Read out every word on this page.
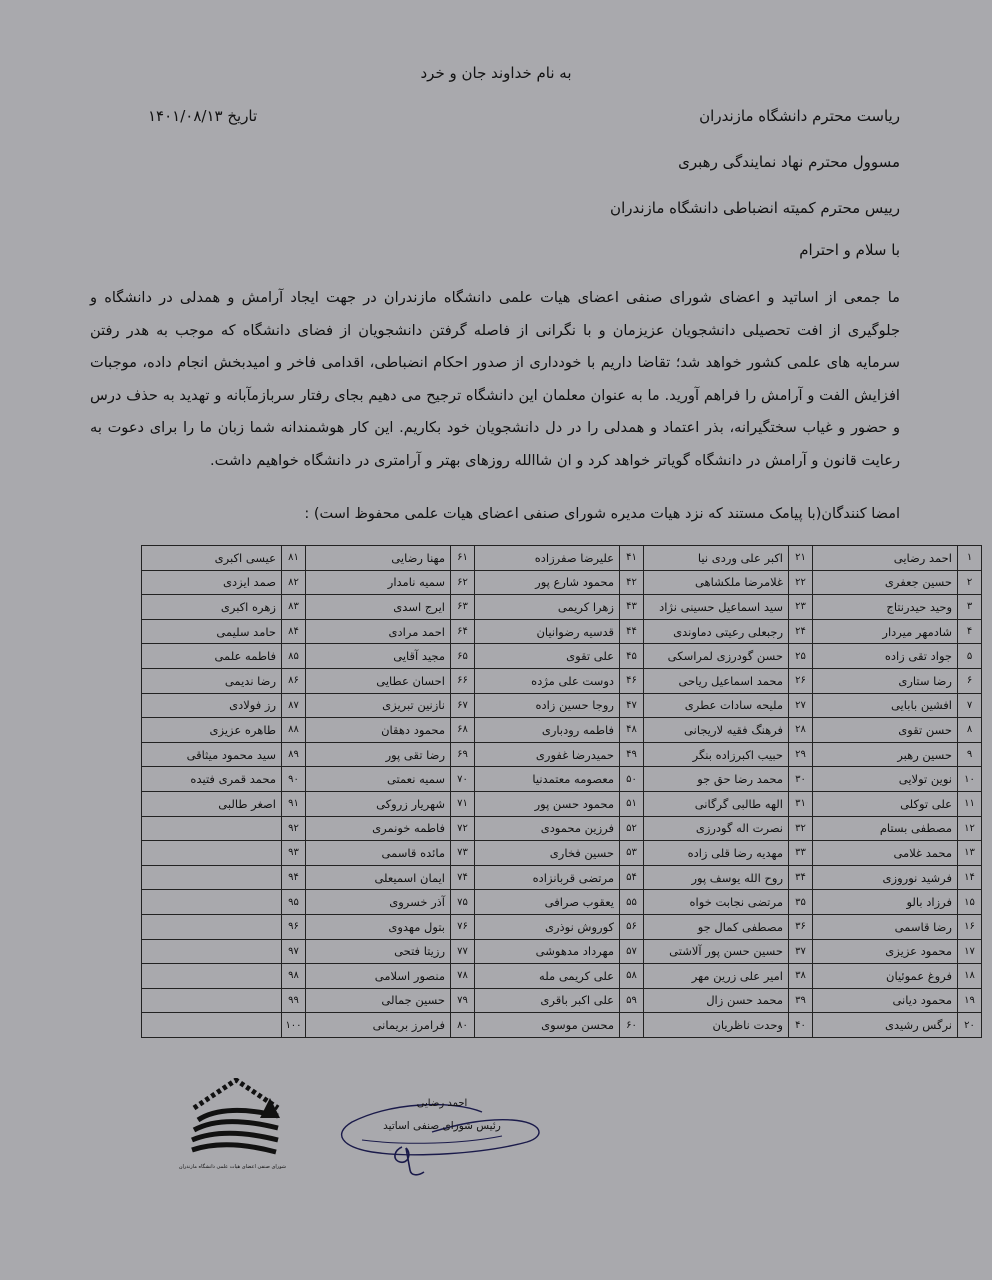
به نام خداوند جان و خرد
تاریخ ۱۴۰۱/۰۸/۱۳	ریاست محترم دانشگاه مازندران
مسوول محترم نهاد نمایندگی رهبری
رییس محترم کمیته انضباطی دانشگاه مازندران
با سلام و احترام
ما جمعی از اساتید و اعضای شورای صنفی اعضای هیات علمی دانشگاه مازندران در جهت ایجاد آرامش و همدلی در دانشگاه و جلوگیری از افت تحصیلی دانشجویان عزیزمان و با نگرانی از فاصله گرفتن دانشجویان از فضای دانشگاه که موجب به هدر رفتن سرمایه های علمی کشور خواهد شد؛ تقاضا داریم با خودداری از صدور احکام انضباطی، اقدامی فاخر و امیدبخش انجام داده، موجبات افزایش الفت و آرامش را فراهم آورید. ما به عنوان معلمان این دانشگاه ترجیح می دهیم بجای رفتار سربازمآبانه و تهدید به حذف درس و حضور و غیاب سختگیرانه، بذر اعتماد و همدلی را در دل دانشجویان خود بکاریم. این کار هوشمندانه شما زبان ما را برای دعوت به رعایت قانون و آرامش در دانشگاه گویاتر خواهد کرد و ان شاالله روزهای بهتر و آرامتری در دانشگاه خواهیم داشت.
امضا کنندگان(با پیامک مستند که نزد هیات مدیره شورای صنفی اعضای هیات علمی محفوظ است) :
۱	احمد رضایی	۲۱	اکبر علی وردی نیا	۴۱	علیرضا صفرزاده	۶۱	مهنا رضایی	۸۱	عیسی اکبری
۲	حسین جعفری	۲۲	غلامرضا ملکشاهی	۴۲	محمود شارع پور	۶۲	سمیه نامدار	۸۲	صمد ایزدی
۳	وحید حیدرنتاج	۲۳	سید اسماعیل حسینی نژاد	۴۳	زهرا کریمی	۶۳	ایرج اسدی	۸۳	زهره اکبری
۴	شادمهر میردار	۲۴	رجبعلی رعیتی دماوندی	۴۴	قدسیه رضوانیان	۶۴	احمد مرادی	۸۴	حامد سلیمی
۵	جواد تقی زاده	۲۵	حسن گودرزی لمراسکی	۴۵	علی تقوی	۶۵	مجید آقایی	۸۵	فاطمه علمی
۶	رضا ستاری	۲۶	محمد اسماعیل ریاحی	۴۶	دوست علی مژده	۶۶	احسان عطایی	۸۶	رضا ندیمی
۷	افشین بابایی	۲۷	ملیحه سادات عطری	۴۷	روجا حسین زاده	۶۷	نازنین تبریزی	۸۷	رز فولادی
۸	حسن تقوی	۲۸	فرهنگ فقیه لاریجانی	۴۸	فاطمه رودباری	۶۸	محمود دهقان	۸۸	طاهره عزیزی
۹	حسین رهبر	۲۹	حبیب اکبرزاده بنگر	۴۹	حمیدرضا غفوری	۶۹	رضا تقی پور	۸۹	سید محمود میثاقی
۱۰	نوین تولایی	۳۰	محمد رضا حق جو	۵۰	معصومه معتمدنیا	۷۰	سمیه نعمتی	۹۰	محمد قمری فتیده
۱۱	علی توکلی	۳۱	الهه طالبی گرگانی	۵۱	محمود حسن پور	۷۱	شهریار زروکی	۹۱	اصغر طالبی
۱۲	مصطفی بستام	۳۲	نصرت اله گودرزی	۵۲	فرزین محمودی	۷۲	فاطمه خونمری	۹۲	
۱۳	محمد غلامی	۳۳	مهدیه رضا قلی زاده	۵۳	حسین فخاری	۷۳	مائده قاسمی	۹۳	
۱۴	فرشید نوروزی	۳۴	روح الله یوسف پور	۵۴	مرتضی قربانزاده	۷۴	ایمان اسمیعلی	۹۴	
۱۵	فرزاد بالو	۳۵	مرتضی نجابت خواه	۵۵	یعقوب صرافی	۷۵	آذر خسروی	۹۵	
۱۶	رضا قاسمی	۳۶	مصطفی کمال جو	۵۶	کوروش نوذری	۷۶	بتول مهدوی	۹۶	
۱۷	محمود عزیزی	۳۷	حسین حسن پور آلاشتی	۵۷	مهرداد مدهوشی	۷۷	رزیتا فتحی	۹۷	
۱۸	فروغ عموئیان	۳۸	امیر علی زرین مهر	۵۸	علی کریمی مله	۷۸	منصور اسلامی	۹۸	
۱۹	محمود دیانی	۳۹	محمد حسن زال	۵۹	علی اکبر باقری	۷۹	حسین جمالی	۹۹	
۲۰	نرگس رشیدی	۴۰	وحدت ناظریان	۶۰	محسن موسوی	۸۰	فرامرز بریمانی	۱۰۰	
احمد رضایی
رئیس شورای صنفی اساتید
شورای صنفی اعضای هیات علمی دانشگاه مازندران
